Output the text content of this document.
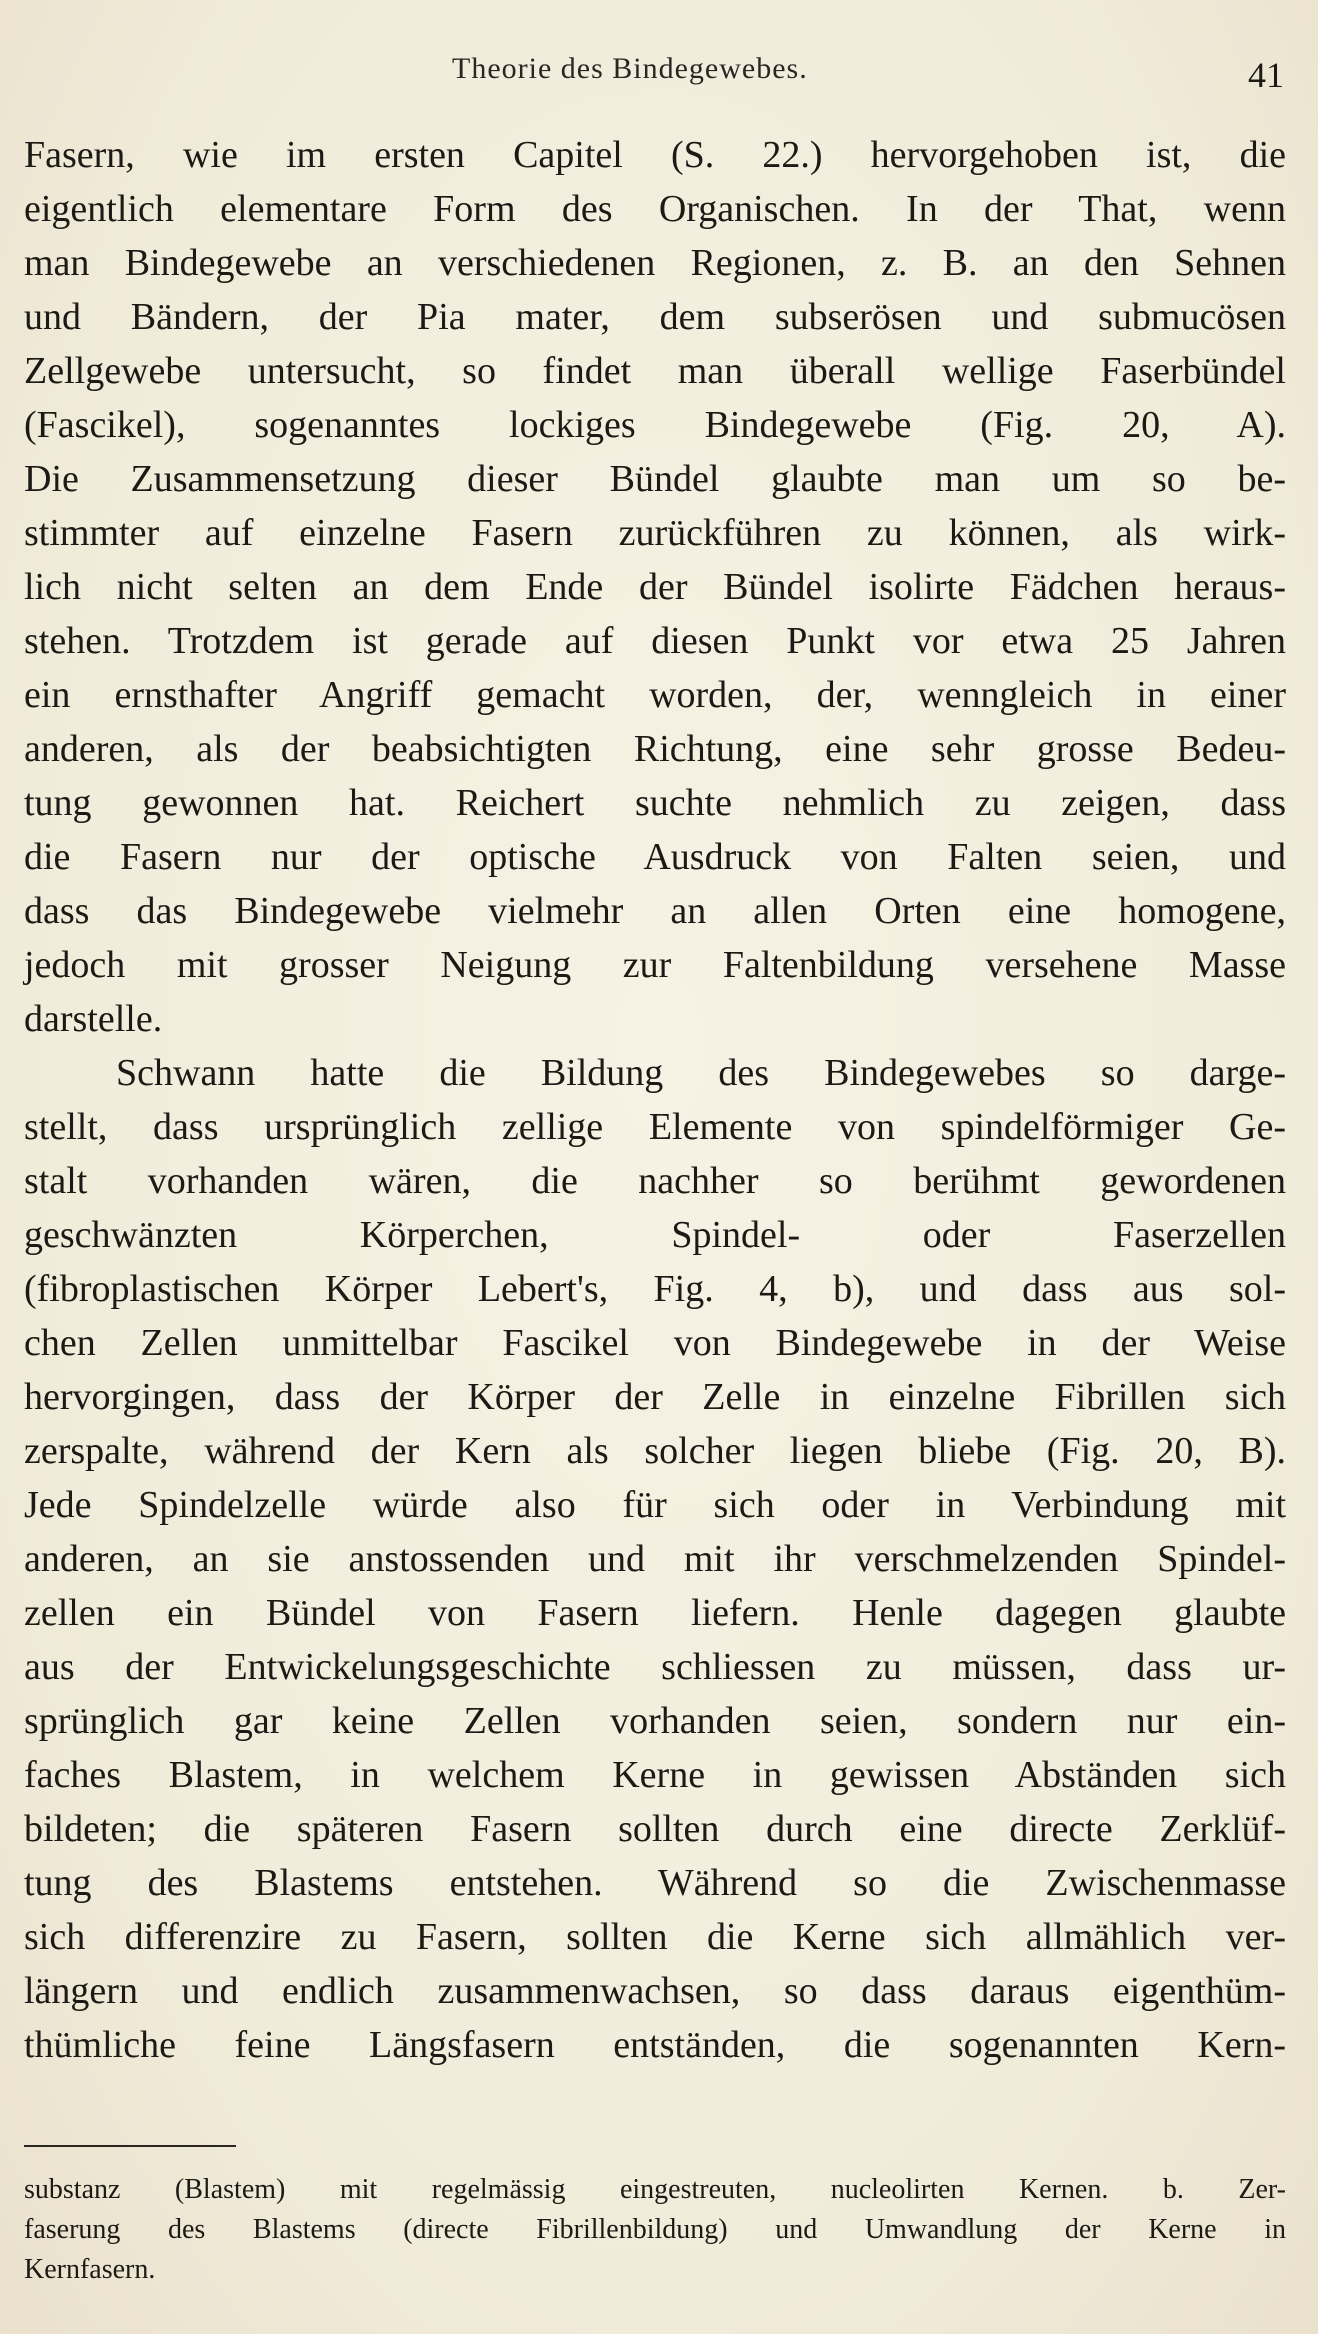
Theorie des Bindegewebes.	41
Fasern, wie im ersten Capitel (S. 22.) hervorgehoben ist, die
eigentlich elementare Form des Organischen. In der That, wenn
man Bindegewebe an verschiedenen Regionen, z. B. an den Sehnen
und Bändern, der Pia mater, dem subserösen und submucösen
Zellgewebe untersucht, so findet man überall wellige Faserbündel
(Fascikel), sogenanntes lockiges Bindegewebe (Fig. 20, A).
Die Zusammensetzung dieser Bündel glaubte man um so be-
stimmter auf einzelne Fasern zurückführen zu können, als wirk-
lich nicht selten an dem Ende der Bündel isolirte Fädchen heraus-
stehen. Trotzdem ist gerade auf diesen Punkt vor etwa 25 Jahren
ein ernsthafter Angriff gemacht worden, der, wenngleich in einer
anderen, als der beabsichtigten Richtung, eine sehr grosse Bedeu-
tung gewonnen hat. Reichert suchte nehmlich zu zeigen, dass
die Fasern nur der optische Ausdruck von Falten seien, und
dass das Bindegewebe vielmehr an allen Orten eine homogene,
jedoch mit grosser Neigung zur Faltenbildung versehene Masse
darstelle.
Schwann hatte die Bildung des Bindegewebes so darge-
stellt, dass ursprünglich zellige Elemente von spindelförmiger Ge-
stalt vorhanden wären, die nachher so berühmt gewordenen
geschwänzten Körperchen, Spindel- oder Faserzellen
(fibroplastischen Körper Lebert's, Fig. 4, b), und dass aus sol-
chen Zellen unmittelbar Fascikel von Bindegewebe in der Weise
hervorgingen, dass der Körper der Zelle in einzelne Fibrillen sich
zerspalte, während der Kern als solcher liegen bliebe (Fig. 20, B).
Jede Spindelzelle würde also für sich oder in Verbindung mit
anderen, an sie anstossenden und mit ihr verschmelzenden Spindel-
zellen ein Bündel von Fasern liefern. Henle dagegen glaubte
aus der Entwickelungsgeschichte schliessen zu müssen, dass ur-
sprünglich gar keine Zellen vorhanden seien, sondern nur ein-
faches Blastem, in welchem Kerne in gewissen Abständen sich
bildeten; die späteren Fasern sollten durch eine directe Zerklüf-
tung des Blastems entstehen. Während so die Zwischenmasse
sich differenzire zu Fasern, sollten die Kerne sich allmählich ver-
längern und endlich zusammenwachsen, so dass daraus eigenthüm-
thümliche feine Längsfasern entständen, die sogenannten Kern-
substanz (Blastem) mit regelmässig eingestreuten, nucleolirten Kernen. b. Zer-
faserung des Blastems (directe Fibrillenbildung) und Umwandlung der Kerne in
Kernfasern.
